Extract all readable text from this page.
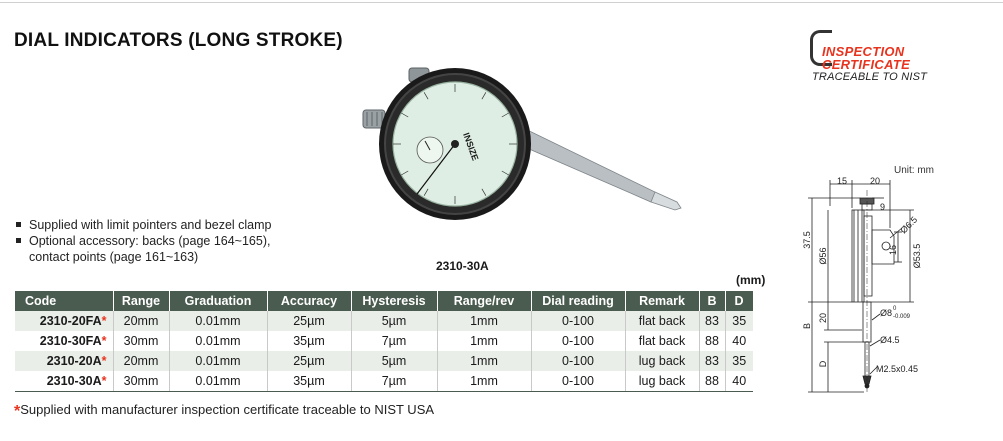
DIAL INDICATORS (LONG STROKE)
INSPECTION
CERTIFICATE
TRACEABLE TO NIST
INSIZE
2310-30A
Supplied with limit pointers and bezel clamp
Optional accessory: backs (page 164~165),
contact points (page 161~163)
(mm)
Code	Range	Graduation	Accuracy	Hysteresis	Range/rev	Dial reading	Remark	B	D
2310-20FA*	20mm	0.01mm	25µm	5µm	1mm	0-100	flat back	83	35
2310-30FA*	30mm	0.01mm	35µm	7µm	1mm	0-100	flat back	88	40
2310-20A*	20mm	0.01mm	25µm	5µm	1mm	0-100	lug back	83	35
2310-30A*	30mm	0.01mm	35µm	7µm	1mm	0-100	lug back	88	40
*Supplied with manufacturer inspection certificate traceable to NIST USA
Unit: mm
15	20
9
37.5
Ø56
Ø6.5
16 Ø53.5
20
B
Ø8 0
-0.009
Ø4.5
D	M2.5x0.45
